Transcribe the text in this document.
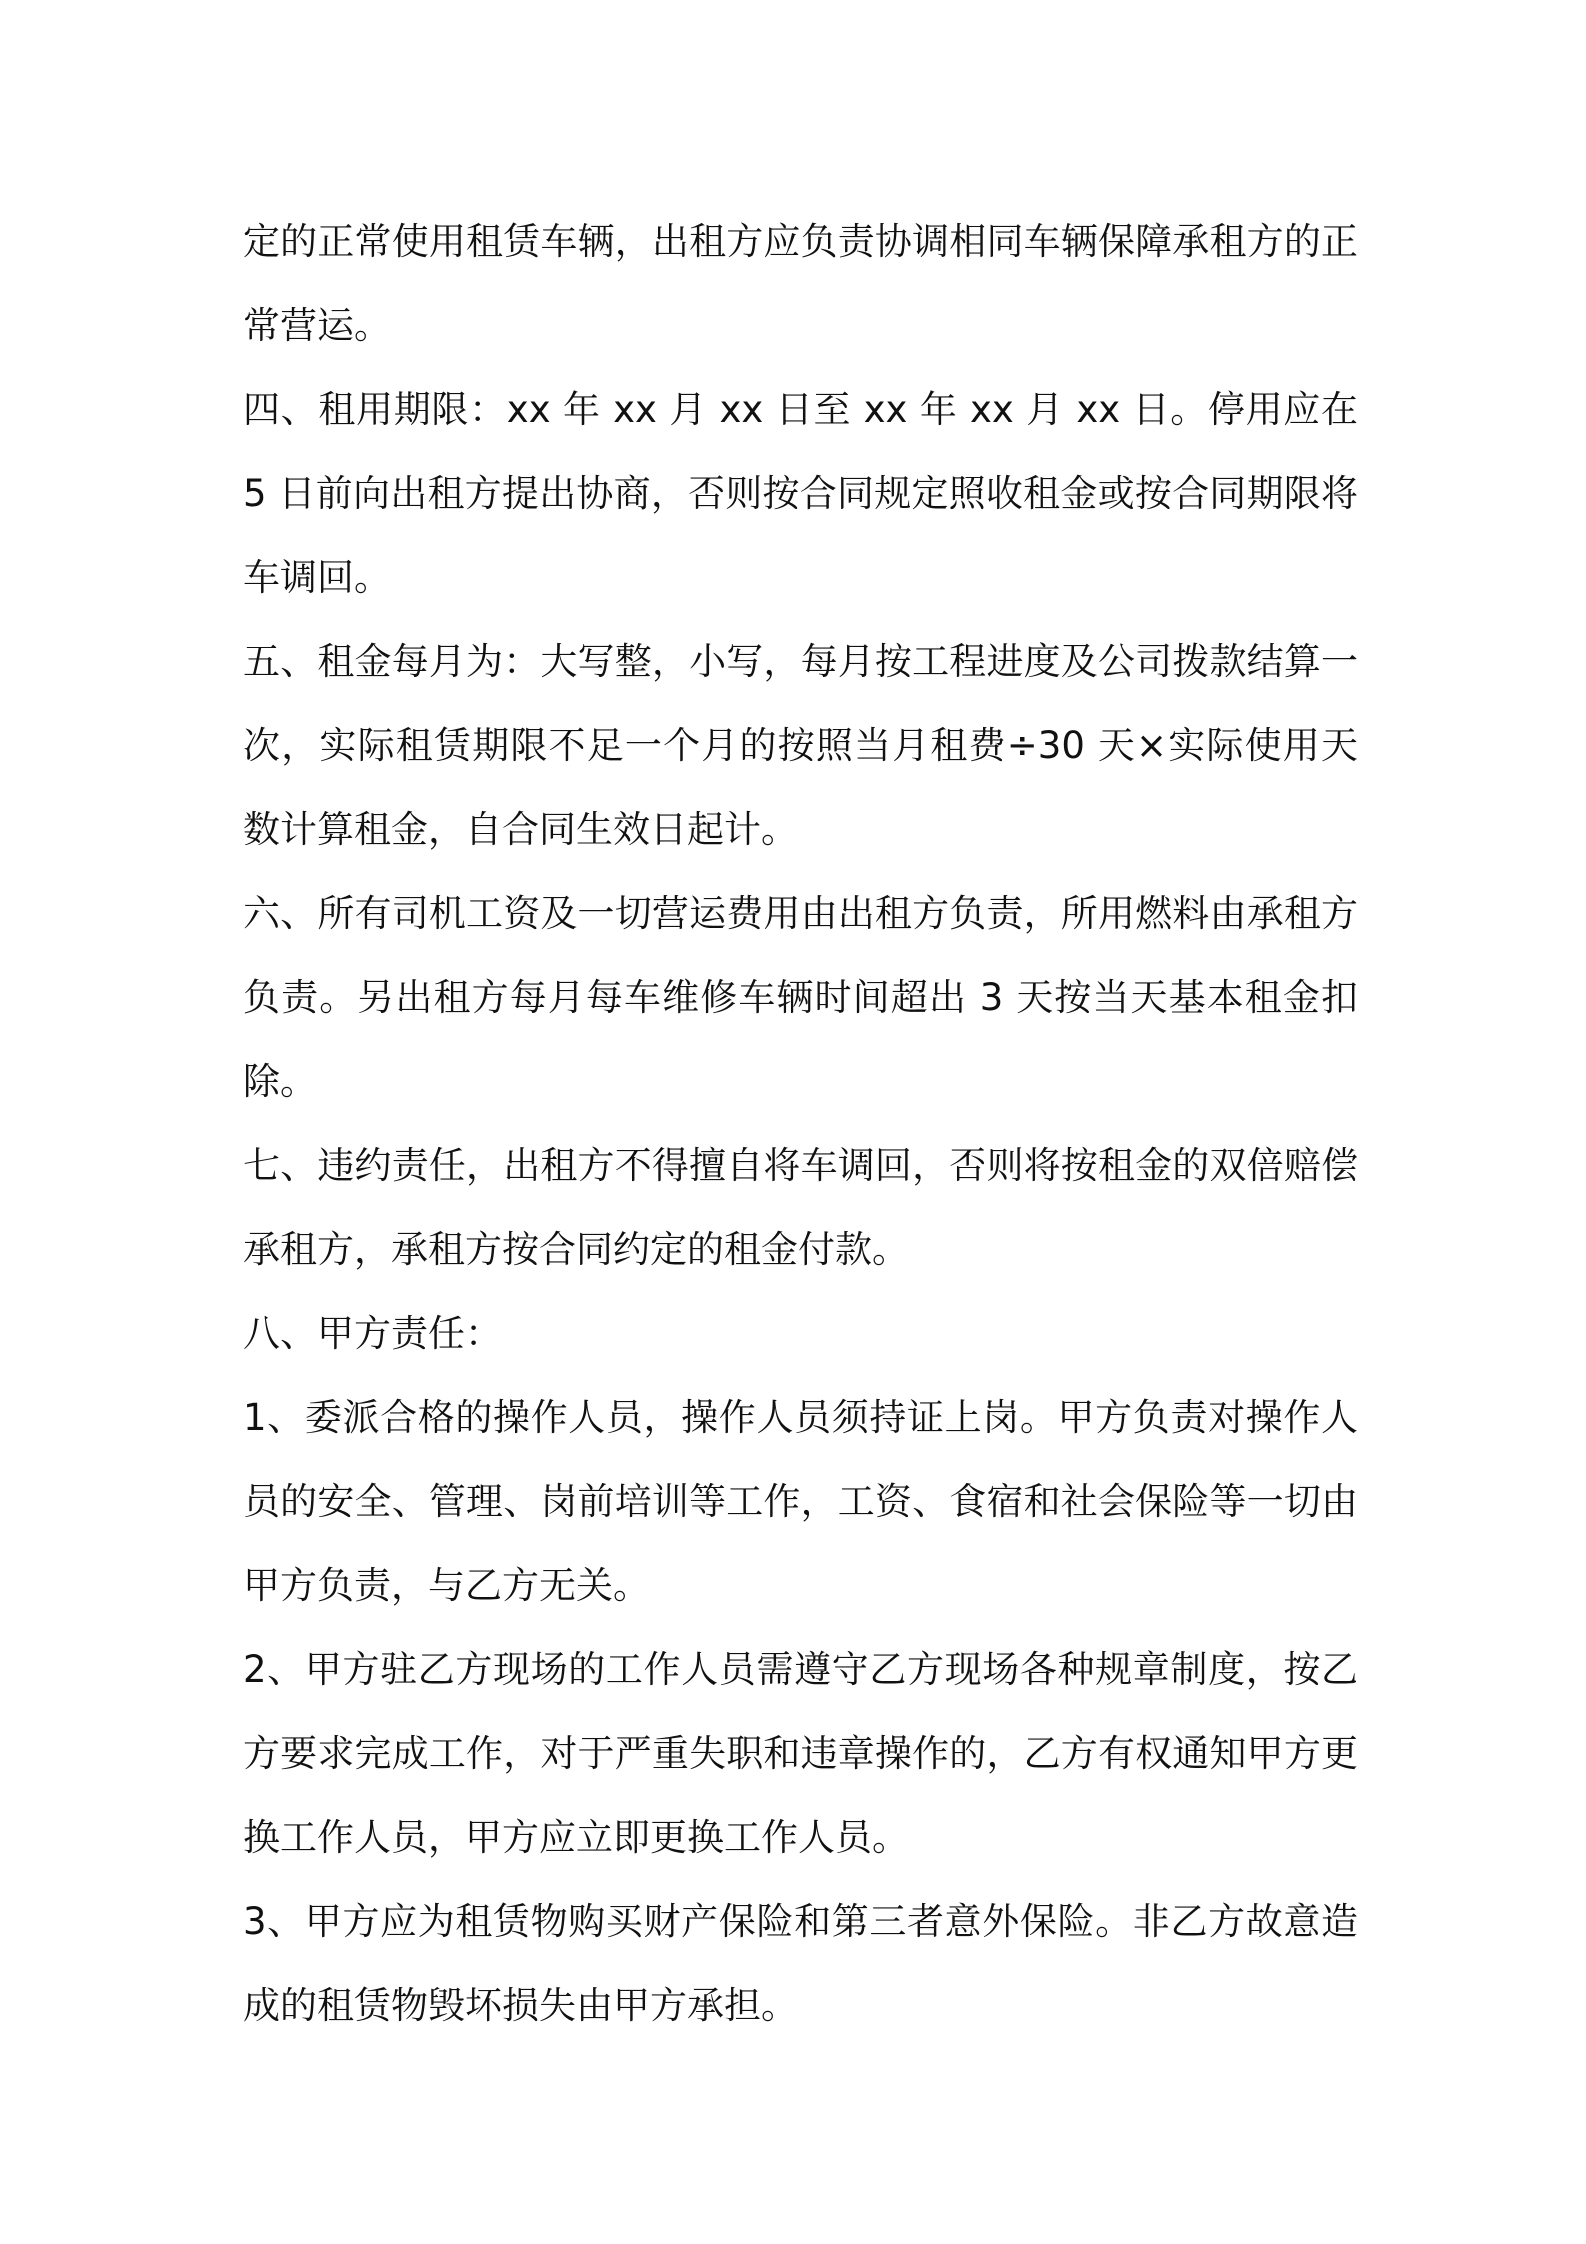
定的正常使用租赁车辆，出租方应负责协调相同车辆保障承租方的正常营运。

四、租用期限：xx 年 xx 月 xx 日至 xx 年 xx 月 xx 日。停用应在 5 日前向出租方提出协商，否则按合同规定照收租金或按合同期限将车调回。

五、租金每月为：大写整，小写，每月按工程进度及公司拨款结算一次，实际租赁期限不足一个月的按照当月租费÷30 天×实际使用天数计算租金，自合同生效日起计。

六、所有司机工资及一切营运费用由出租方负责，所用燃料由承租方负责。另出租方每月每车维修车辆时间超出 3 天按当天基本租金扣除。

七、违约责任，出租方不得擅自将车调回，否则将按租金的双倍赔偿承租方，承租方按合同约定的租金付款。

八、甲方责任：

1、委派合格的操作人员，操作人员须持证上岗。甲方负责对操作人员的安全、管理、岗前培训等工作，工资、食宿和社会保险等一切由甲方负责，与乙方无关。

2、甲方驻乙方现场的工作人员需遵守乙方现场各种规章制度，按乙方要求完成工作，对于严重失职和违章操作的，乙方有权通知甲方更换工作人员，甲方应立即更换工作人员。

3、甲方应为租赁物购买财产保险和第三者意外保险。非乙方故意造成的租赁物毁坏损失由甲方承担。
